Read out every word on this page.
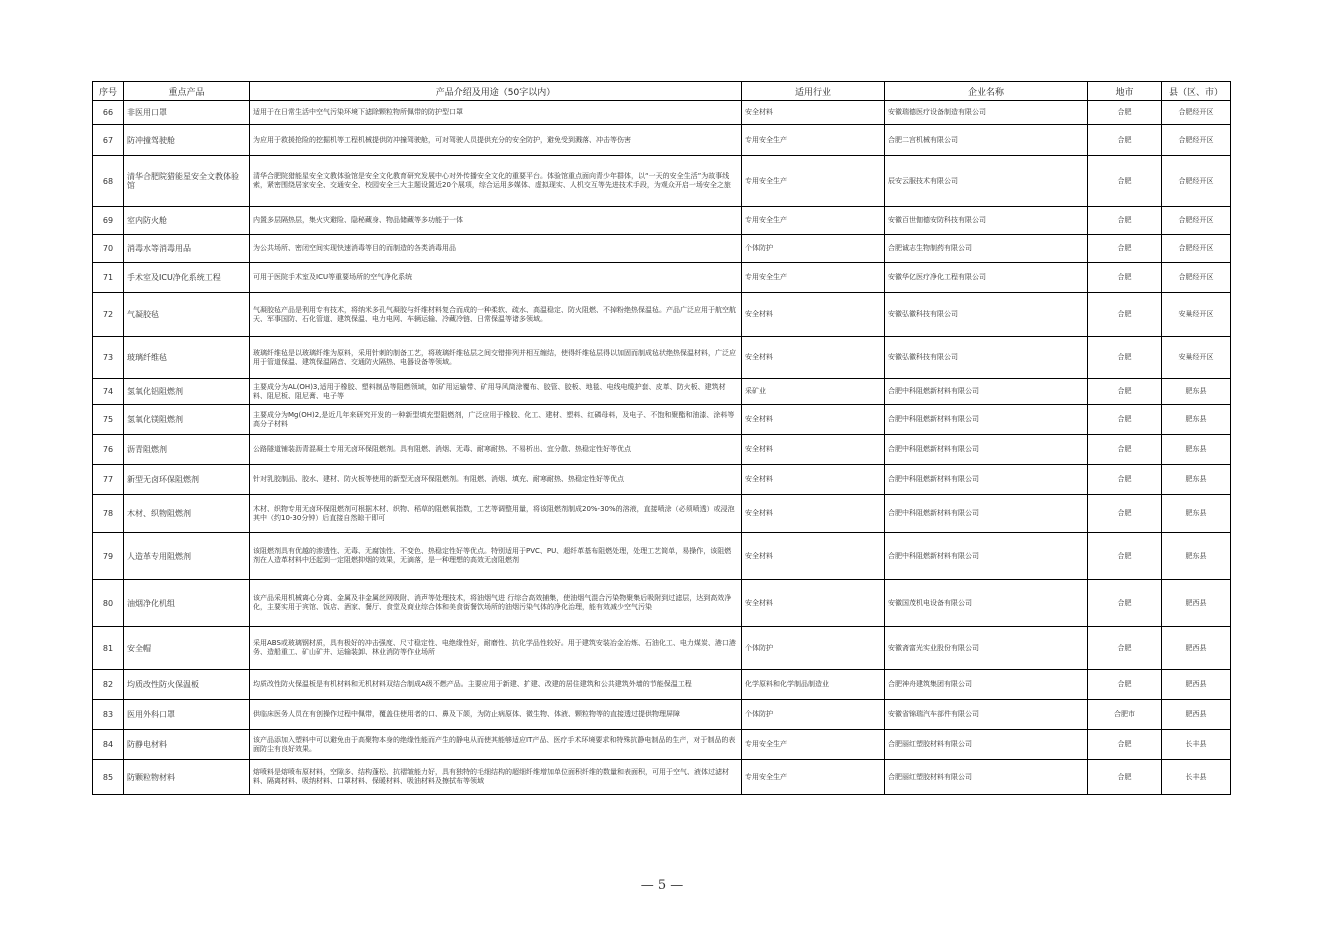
序号	重点产品	产品介绍及用途（50字以内）	适用行业	企业名称	地市	县（区、市）
66	非医用口罩	适用于在日常生活中空气污染环境下滤除颗粒物所佩带的防护型口罩	安全材料	安徽瑞德医疗设备制造有限公司	合肥	合肥经开区
67	防冲撞驾驶舱	为应用于救援抢险的挖掘机等工程机械提供防冲撞驾驶舱，可对驾驶人员提供充分的安全防护，避免受到溅落、冲击等伤害	专用安全生产	合肥二宫机械有限公司	合肥	合肥经开区
68	清华合肥院猎能星安全文教体验馆	清华合肥院猎能星安全文教体验馆是安全文化教育研究发展中心对外传播安全文化的重要平台。体验馆重点面向青少年群体，以“一天的安全生活”为故事线索，紧密围绕居家安全、交通安全、校园安全三大主题设置近20个展项，综合运用多媒体、虚拟现实、人机交互等先进技术手段，为观众开启一场安全之旅	专用安全生产	辰安云服技术有限公司	合肥	合肥经开区
69	室内防火舱	内置多层隔热层，集火灾避险、隐秘藏身、物品储藏等多功能于一体	专用安全生产	安徽百世伽德安防科技有限公司	合肥	合肥经开区
70	消毒水等消毒用品	为公共场所、密闭空间实现快速消毒等目的而制造的各类消毒用品	个体防护	合肥诚志生物制药有限公司	合肥	合肥经开区
71	手术室及ICU净化系统工程	可用于医院手术室及ICU等重要场所的空气净化系统	专用安全生产	安徽华亿医疗净化工程有限公司	合肥	合肥经开区
72	气凝胶毡	气凝胶毡产品是利用专有技术，将纳米多孔气凝胶与纤维材料复合而成的一种柔软、疏水、高温稳定、防火阻燃、不掉粉绝热保温毡。产品广泛应用于航空航天、军事国防、石化管道、建筑保温、电力电网、车辆运输、冷藏冷链、日常保温等诸多领域。	安全材料	安徽弘徽科技有限公司	合肥	安巢经开区
73	玻璃纤维毡	玻璃纤维毡是以玻璃纤维为原料，采用针刺的制备工艺，将玻璃纤维毡层之间交错排列并相互缠结，使得纤维毡层得以加固而制成毡状绝热保温材料，广泛应用于管道保温、建筑保温隔音、交通防火隔热、电器设备等领域。	安全材料	安徽弘徽科技有限公司	合肥	安巢经开区
74	氢氧化铝阻燃剂	主要成分为AL(OH)3,适用于橡胶、塑料制品等阻燃领域，如矿用运输带、矿用导风筒涂覆布、胶管、胶板、地毯、电线电缆护套、皮革、防火板、建筑材料、阻尼板、阻尼膏、电子等	采矿业	合肥中科阻燃新材料有限公司	合肥	肥东县
75	氢氧化镁阻燃剂	主要成分为Mg(OH)2,是近几年来研究开发的一种新型填充型阻燃剂，广泛应用于橡胶、化工、建材、塑料、红磷母料，及电子、不饱和聚酯和油漆、涂料等高分子材料	安全材料	合肥中科阻燃新材料有限公司	合肥	肥东县
76	沥青阻燃剂	公路隧道铺装沥青混凝土专用无卤环保阻燃剂。具有阻燃、消烟、无毒、耐寒耐热、不易析出、宜分散、热稳定性好等优点	安全材料	合肥中科阻燃新材料有限公司	合肥	肥东县
77	新型无卤环保阻燃剂	针对乳胶制品、胶水、建材、防火板等使用的新型无卤环保阻燃剂。有阻燃、消烟、填充、耐寒耐热、热稳定性好等优点	安全材料	合肥中科阻燃新材料有限公司	合肥	肥东县
78	木材、织物阻燃剂	木材、织物专用无卤环保阻燃剂可根据木材、织物、稻草的阻燃氧指数，工艺等调整用量，将该阻燃剂制成20%-30%的溶液，直接喷涂（必须喷透）或浸泡其中（约10-30分钟）后直接自然晾干即可	安全材料	合肥中科阻燃新材料有限公司	合肥	肥东县
79	人造革专用阻燃剂	该阻燃剂具有优越的渗透性、无毒、无腐蚀性、不变色、热稳定性好等优点。特别适用于PVC、PU、超纤革基布阻燃处理，处理工艺简单，易操作，该阻燃剂在人造革材料中还起到一定阻燃抑烟的效果，无滴落，是一种理想的高效无卤阻燃剂	安全材料	合肥中科阻燃新材料有限公司	合肥	肥东县
80	油烟净化机组	该产品采用机械离心分离、金属及非金属丝网吸附、消声等处理技术，将油烟气进 行综合高效捕集，使油烟气混合污染物聚集后吸附到过滤层，达到高效净化，主要实用于宾馆、饭店、酒家、餐厅、食堂及商业综合体和美食街餐饮场所的油烟污染气体的净化治理，能有效减少空气污染	安全材料	安徽国茂机电设备有限公司	合肥	肥西县
81	安全帽	采用ABS或玻璃钢材质，具有极好的冲击强度、尺寸稳定性、电绝缘性好，耐磨性、抗化学品性较好。用于建筑安装冶金冶炼、石油化工、电力煤炭、港口港务、造船重工、矿山矿井、运输装卸、林业消防等作业场所	个体防护	安徽斋富光实业股份有限公司	合肥	肥西县
82	均质改性防火保温板	均质改性防火保温板是有机材料和无机材料双结合制成A级不燃产品。主要应用于新建、扩建、改建的居住建筑和公共建筑外墙的节能保温工程	化学原料和化学制品制造业	合肥神舟建筑集团有限公司	合肥	肥西县
83	医用外科口罩	供临床医务人员在有创操作过程中佩带，覆盖住使用者的口、鼻及下颌，为防止病原体、微生物、体液、颗粒物等的直接透过提供物理屏障	个体防护	安徽省锦瑞汽车部件有限公司	合肥市	肥西县
84	防静电材料	该产品添加入塑料中可以避免由于高聚物本身的绝缘性能而产生的静电从而使其能够适应IT产品、医疗手术环境要求和特殊抗静电制品的生产，对于制品的表面防尘有良好效果。	专用安全生产	合肥丽红塑胶材料有限公司	合肥	长丰县
85	防颗粒物材料	熔喷料是熔喷布原材料，空隙多、结构蓬松、抗褶皱能力好，具有独特的毛细结构的超细纤维增加单位面积纤维的数量和表面积，可用于空气、液体过滤材料、隔离材料、吸纳材料、口罩材料、保暖材料、吸油材料及擦拭布等领域	专用安全生产	合肥丽红塑胶材料有限公司	合肥	长丰县
— 5 —
